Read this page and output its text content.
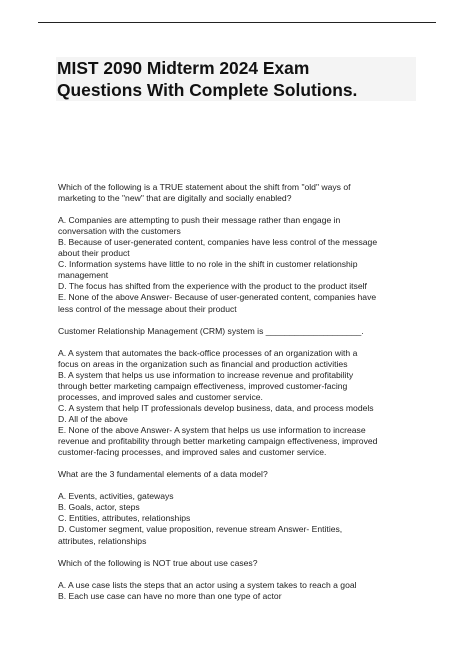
MIST 2090 Midterm 2024 Exam
Questions With Complete Solutions.
Which of the following is a TRUE statement about the shift from "old" ways of
marketing to the "new" that are digitally and socially enabled?
A. Companies are attempting to push their message rather than engage in
conversation with the customers
B. Because of user-generated content, companies have less control of the message
about their product
C. Information systems have little to no role in the shift in customer relationship
management
D. The focus has shifted from the experience with the product to the product itself
E. None of the above Answer- Because of user-generated content, companies have
less control of the message about their product
Customer Relationship Management (CRM) system is ____________________.
A. A system that automates the back-office processes of an organization with a
focus on areas in the organization such as financial and production activities
B. A system that helps us use information to increase revenue and profitability
through better marketing campaign effectiveness, improved customer-facing
processes, and improved sales and customer service.
C. A system that help IT professionals develop business, data, and process models
D. All of the above
E. None of the above Answer- A system that helps us use information to increase
revenue and profitability through better marketing campaign effectiveness, improved
customer-facing processes, and improved sales and customer service.
What are the 3 fundamental elements of a data model?
A. Events, activities, gateways
B. Goals, actor, steps
C. Entities, attributes, relationships
D. Customer segment, value proposition, revenue stream Answer- Entities,
attributes, relationships
Which of the following is NOT true about use cases?
A. A use case lists the steps that an actor using a system takes to reach a goal
B. Each use case can have no more than one type of actor
